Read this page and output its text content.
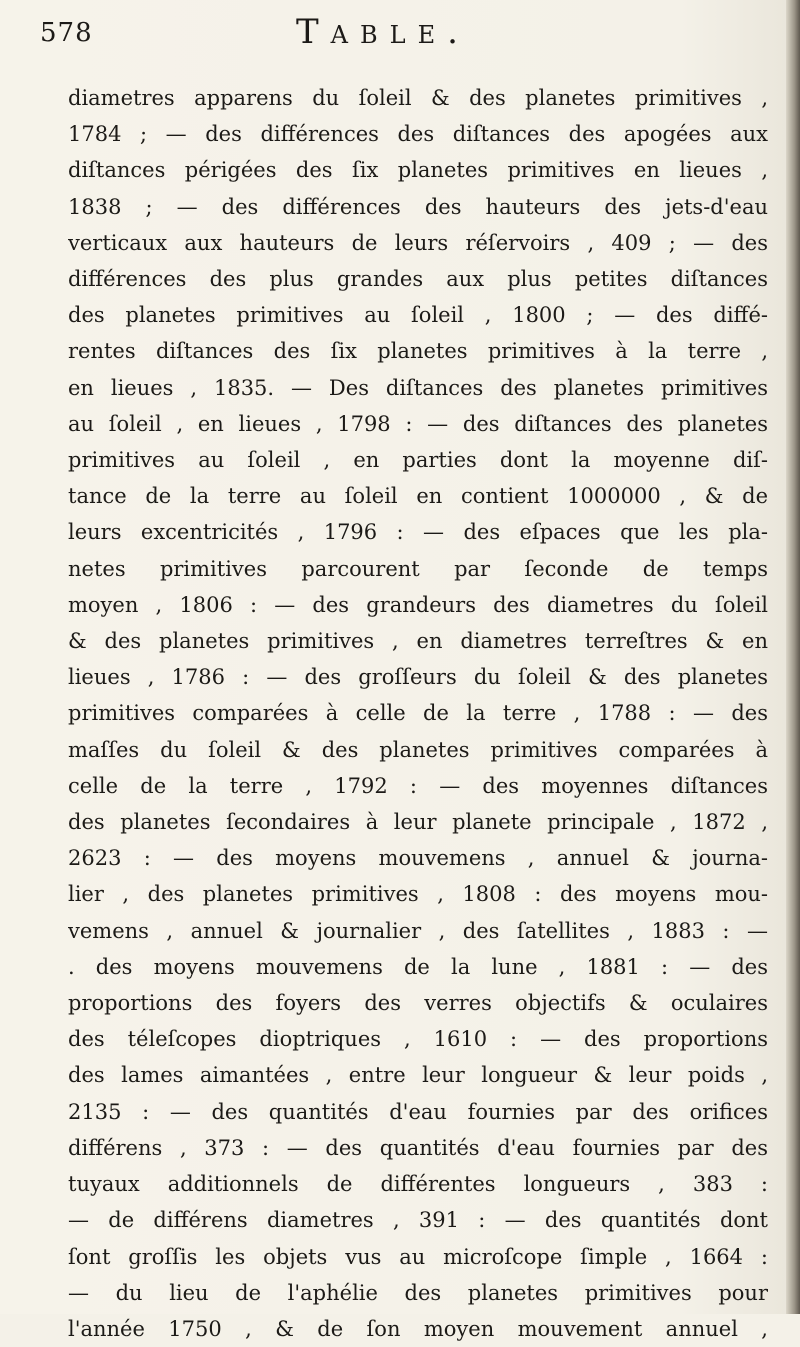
578	Table.
diametres apparens du ſoleil & des planetes primitives ,
1784 ; — des différences des diſtances des apogées aux
diſtances périgées des ſix planetes primitives en lieues ,
1838 ; — des différences des hauteurs des jets-d'eau
verticaux aux hauteurs de leurs réſervoirs , 409 ; — des
différences des plus grandes aux plus petites diſtances
des planetes primitives au ſoleil , 1800 ; — des diffé-
rentes diſtances des ſix planetes primitives à la terre ,
en lieues , 1835. — Des diſtances des planetes primitives
au ſoleil , en lieues , 1798 : — des diſtances des planetes
primitives au ſoleil , en parties dont la moyenne diſ-
tance de la terre au ſoleil en contient 1000000 , & de
leurs excentricités , 1796 : — des eſpaces que les pla-
netes primitives parcourent par ſeconde de temps
moyen , 1806 : — des grandeurs des diametres du ſoleil
& des planetes primitives , en diametres terreſtres & en
lieues , 1786 : — des groſſeurs du ſoleil & des planetes
primitives comparées à celle de la terre , 1788 : — des
maſſes du ſoleil & des planetes primitives comparées à
celle de la terre , 1792 : — des moyennes diſtances
des planetes ſecondaires à leur planete principale , 1872 ,
2623 : — des moyens mouvemens , annuel & journa-
lier , des planetes primitives , 1808 : des moyens mou-
vemens , annuel & journalier , des ſatellites , 1883 : —
. des moyens mouvemens de la lune , 1881 : — des
proportions des foyers des verres objectifs & oculaires
des téleſcopes dioptriques , 1610 : — des proportions
des lames aimantées , entre leur longueur & leur poids ,
2135 : — des quantités d'eau fournies par des orifices
différens , 373 : — des quantités d'eau fournies par des
tuyaux additionnels de différentes longueurs , 383 :
— de différens diametres , 391 : — des quantités dont
ſont groſſis les objets vus au microſcope ſimple , 1664 :
— du lieu de l'aphélie des planetes primitives pour
l'année 1750 , & de ſon moyen mouvement annuel ,
